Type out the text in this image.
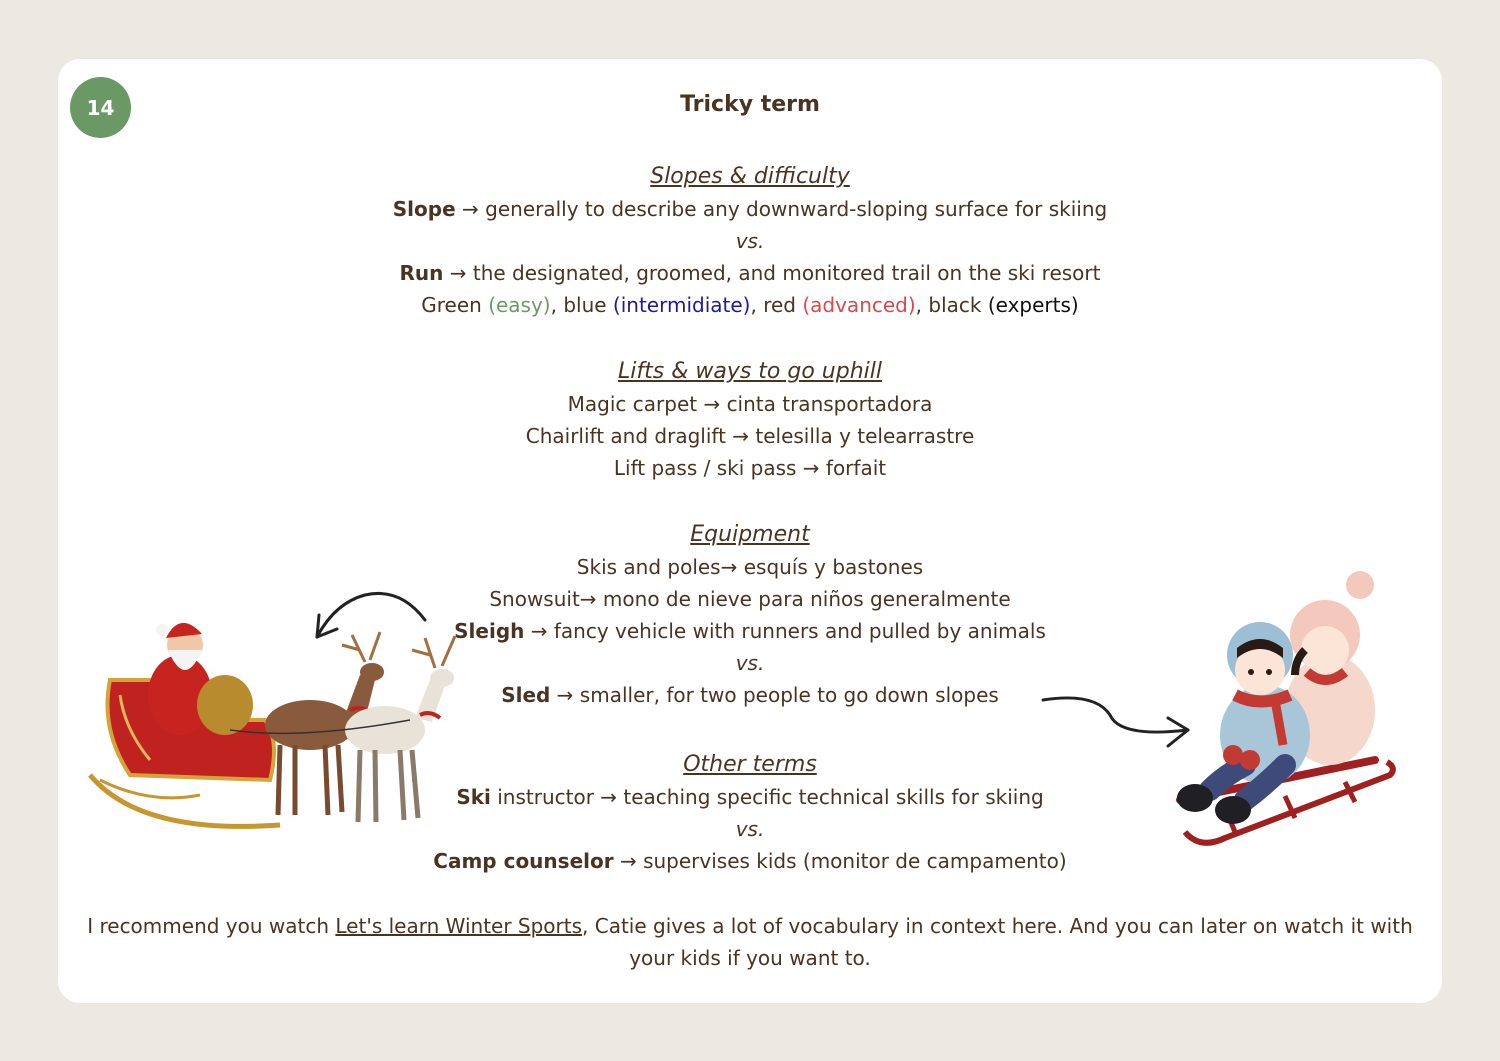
14	Tricky term
Slopes & difficulty
Slope → generally to describe any downward-sloping surface for skiing
vs.
Run → the designated, groomed, and monitored trail on the ski resort
Green (easy), blue (intermidiate), red (advanced), black (experts)
Lifts & ways to go uphill
Magic carpet → cinta transportadora
Chairlift and draglift → telesilla y telearrastre
Lift pass / ski pass → forfait
Equipment
Skis and poles→ esquís y bastones
Snowsuit→ mono de nieve para niños generalmente
Sleigh → fancy vehicle with runners and pulled by animals
vs.
Sled → smaller, for two people to go down slopes
Other terms
Ski instructor → teaching specific technical skills for skiing
vs.
Camp counselor → supervises kids (monitor de campamento)
I recommend you watch Let's learn Winter Sports, Catie gives a lot of vocabulary in context here. And you can later on watch it with your kids if you want to.
